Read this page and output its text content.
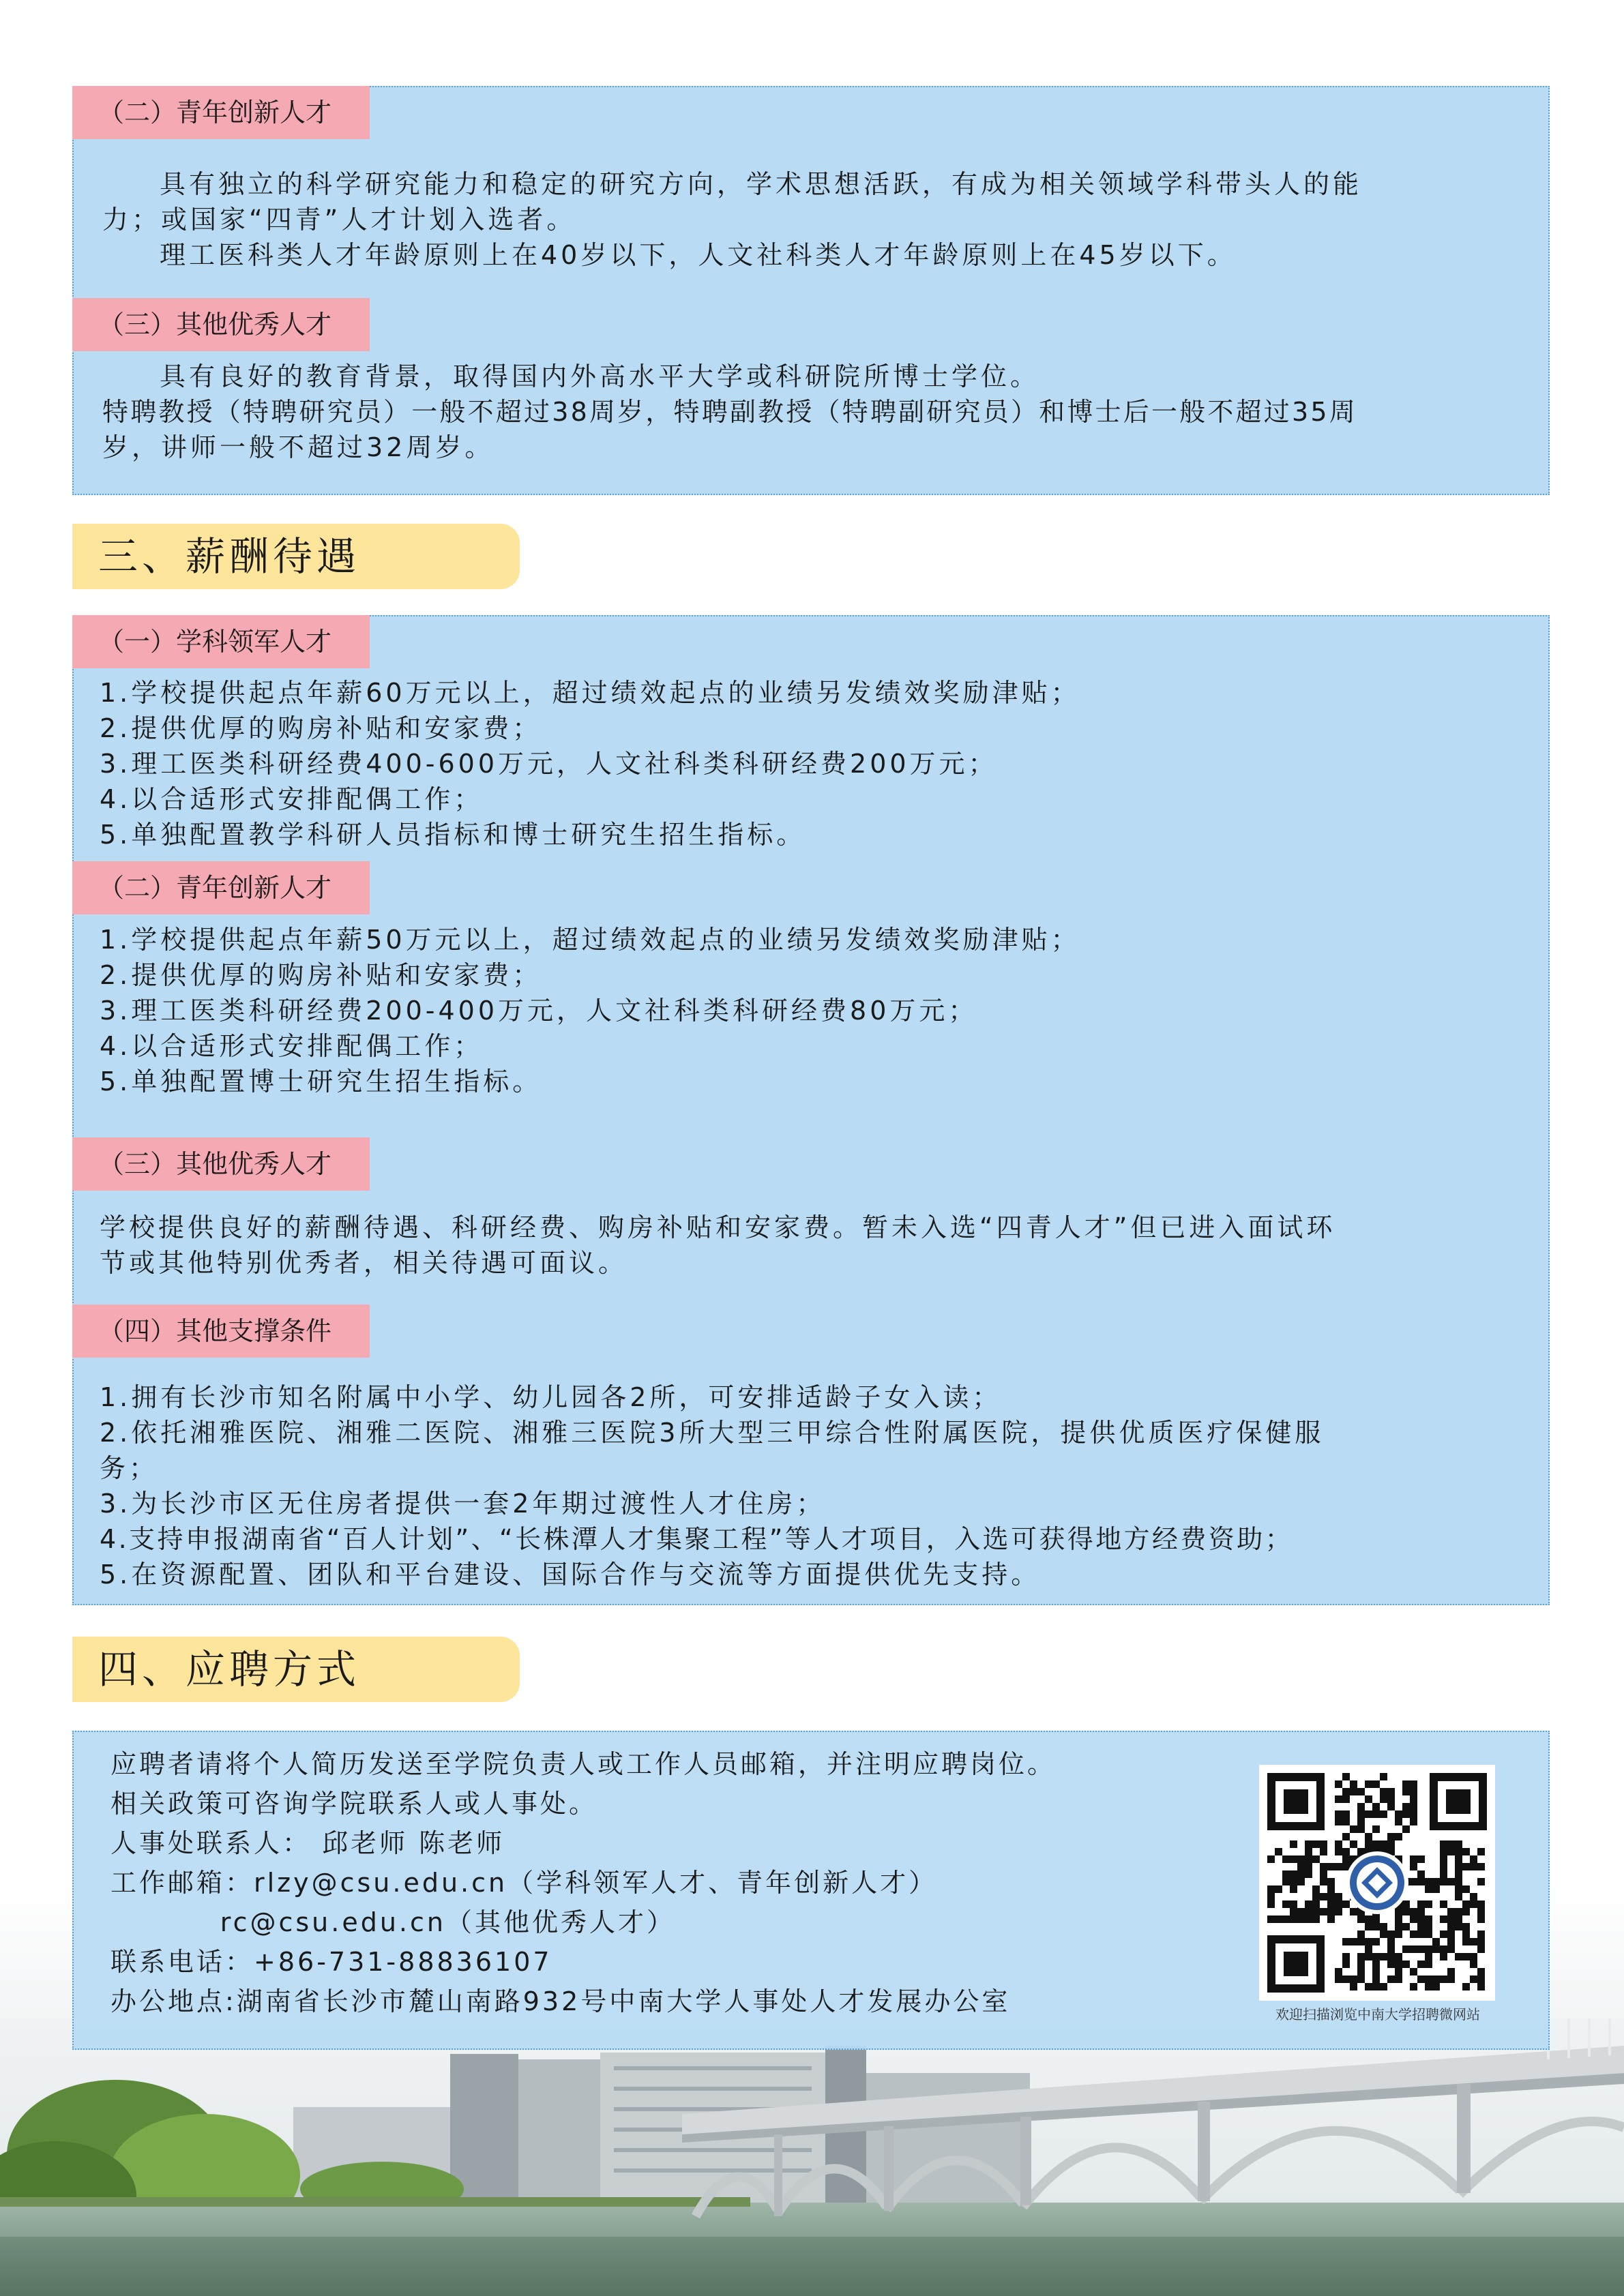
（二）青年创新人才
具有独立的科学研究能力和稳定的研究方向，学术思想活跃，有成为相关领域学科带头人的能
力；或国家“四青”人才计划入选者。
理工医科类人才年龄原则上在40岁以下，人文社科类人才年龄原则上在45岁以下。
（三）其他优秀人才
具有良好的教育背景，取得国内外高水平大学或科研院所博士学位。
特聘教授（特聘研究员）一般不超过38周岁，特聘副教授（特聘副研究员）和博士后一般不超过35周
岁，讲师一般不超过32周岁。
三、薪酬待遇
（一）学科领军人才
1.学校提供起点年薪60万元以上，超过绩效起点的业绩另发绩效奖励津贴；
2.提供优厚的购房补贴和安家费；
3.理工医类科研经费400-600万元，人文社科类科研经费200万元；
4.以合适形式安排配偶工作；
5.单独配置教学科研人员指标和博士研究生招生指标。
（二）青年创新人才
1.学校提供起点年薪50万元以上，超过绩效起点的业绩另发绩效奖励津贴；
2.提供优厚的购房补贴和安家费；
3.理工医类科研经费200-400万元，人文社科类科研经费80万元；
4.以合适形式安排配偶工作；
5.单独配置博士研究生招生指标。
（三）其他优秀人才
学校提供良好的薪酬待遇、科研经费、购房补贴和安家费。暂未入选“四青人才”但已进入面试环
节或其他特别优秀者，相关待遇可面议。
（四）其他支撑条件
1.拥有长沙市知名附属中小学、幼儿园各2所，可安排适龄子女入读；
2.依托湘雅医院、湘雅二医院、湘雅三医院3所大型三甲综合性附属医院，提供优质医疗保健服
务；
3.为长沙市区无住房者提供一套2年期过渡性人才住房；
4.支持申报湖南省“百人计划”、“长株潭人才集聚工程”等人才项目，入选可获得地方经费资助；
5.在资源配置、团队和平台建设、国际合作与交流等方面提供优先支持。
四、应聘方式
应聘者请将个人简历发送至学院负责人或工作人员邮箱，并注明应聘岗位。
相关政策可咨询学院联系人或人事处。
人事处联系人： 邱老师 陈老师
工作邮箱：rlzy@csu.edu.cn（学科领军人才、青年创新人才）
rc@csu.edu.cn（其他优秀人才）
联系电话：+86-731-88836107
办公地点:湖南省长沙市麓山南路932号中南大学人事处人才发展办公室	欢迎扫描浏览中南大学招聘微网站
